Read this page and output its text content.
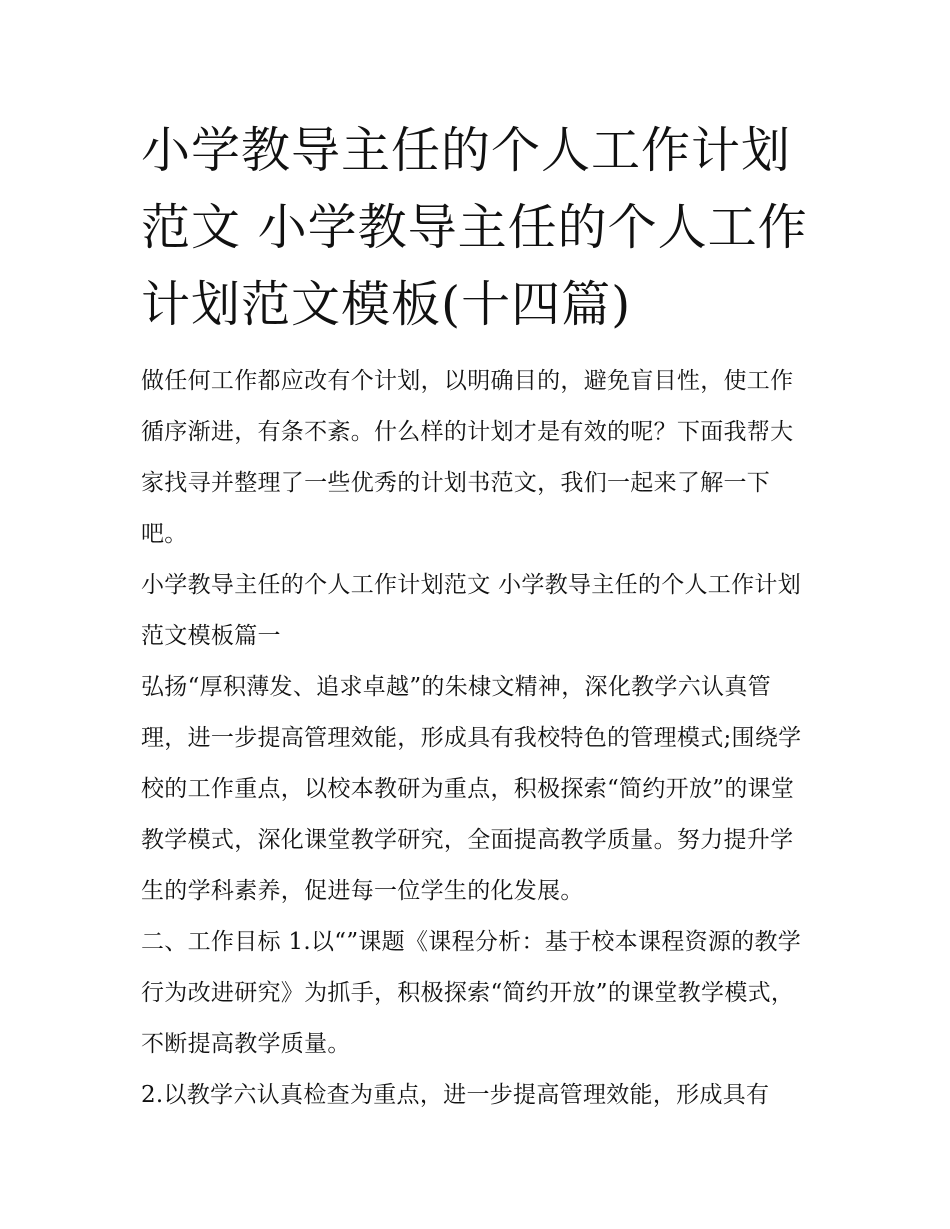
小学教导主任的个人工作计划范文 小学教导主任的个人工作计划范文模板(十四篇)

做任何工作都应改有个计划，以明确目的，避免盲目性，使工作循序渐进，有条不紊。什么样的计划才是有效的呢？下面我帮大家找寻并整理了一些优秀的计划书范文，我们一起来了解一下吧。

小学教导主任的个人工作计划范文 小学教导主任的个人工作计划范文模板篇一

弘扬“厚积薄发、追求卓越”的朱棣文精神，深化教学六认真管理，进一步提高管理效能，形成具有我校特色的管理模式;围绕学校的工作重点，以校本教研为重点，积极探索“简约开放”的课堂教学模式，深化课堂教学研究，全面提高教学质量。努力提升学生的学科素养，促进每一位学生的化发展。

二、工作目标 1.以“”课题《课程分析：基于校本课程资源的教学行为改进研究》为抓手，积极探索“简约开放”的课堂教学模式，不断提高教学质量。

2.以教学六认真检查为重点，进一步提高管理效能，形成具有
